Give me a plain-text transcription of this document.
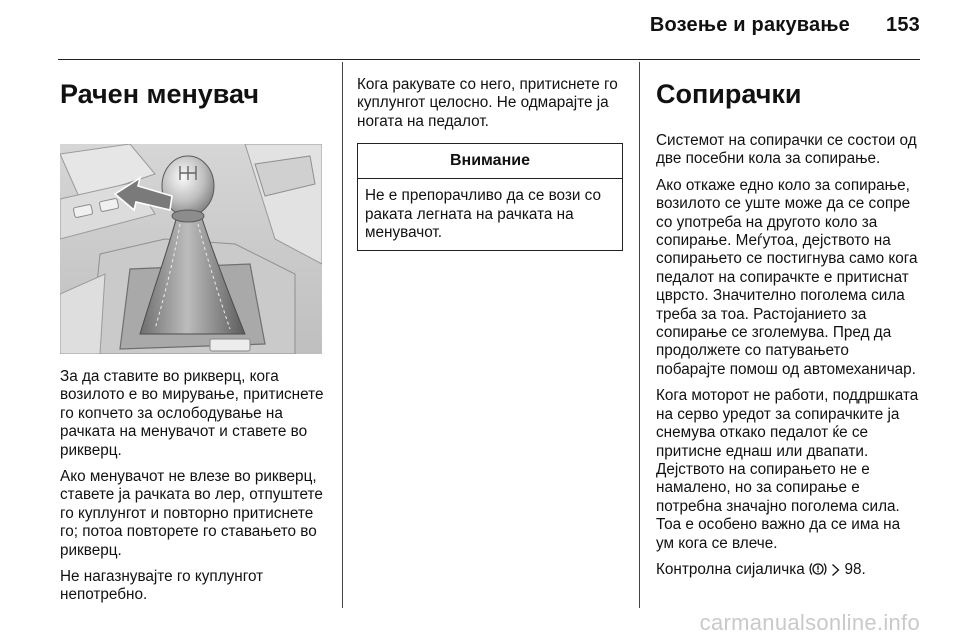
Возење и ракување 153
Рачен менувач

За да ставите во рикверц, кога возилото е во мирување, притиснете го копчето за ослободување на рачката на менувачот и ставете во рикверц.

Ако менувачот не влезе во рикверц, ставете ја рачката во лер, отпуштете го куплунгот и повторно притиснете го; потоа повторете го ставањето во рикверц.

Не нагазнувајте го куплунгот непотребно.

Кога ракувате со него, притиснете го куплунгот целосно. Не одмарајте ја ногата на педалот.

Внимание
Не е препорачливо да се вози со раката легната на рачката на менувачот.
Сопирачки

Системот на сопирачки се состои од две посебни кола за сопирање.

Ако откаже едно коло за сопирање, возилото се уште може да се сопре со употреба на другото коло за сопирање. Меѓутоа, дејството на сопирањето се постигнува само кога педалот на сопирачкте е притиснат цврсто. Значително поголема сила треба за тоа. Растојанието за сопирање се зголемува. Пред да продолжете со патувањето побарајте помош од автомеханичар.

Кога моторот не работи, поддршката на серво уредот за сопирачките ја снемува откако педалот ќе се притисне еднаш или двапати. Дејството на сопирањето не е намалено, но за сопирање е потребна значајно поголема сила. Тоа е особено важно да се има на ум кога се влече.

Контролна сијаличка	98.

carmanualsonline.info
